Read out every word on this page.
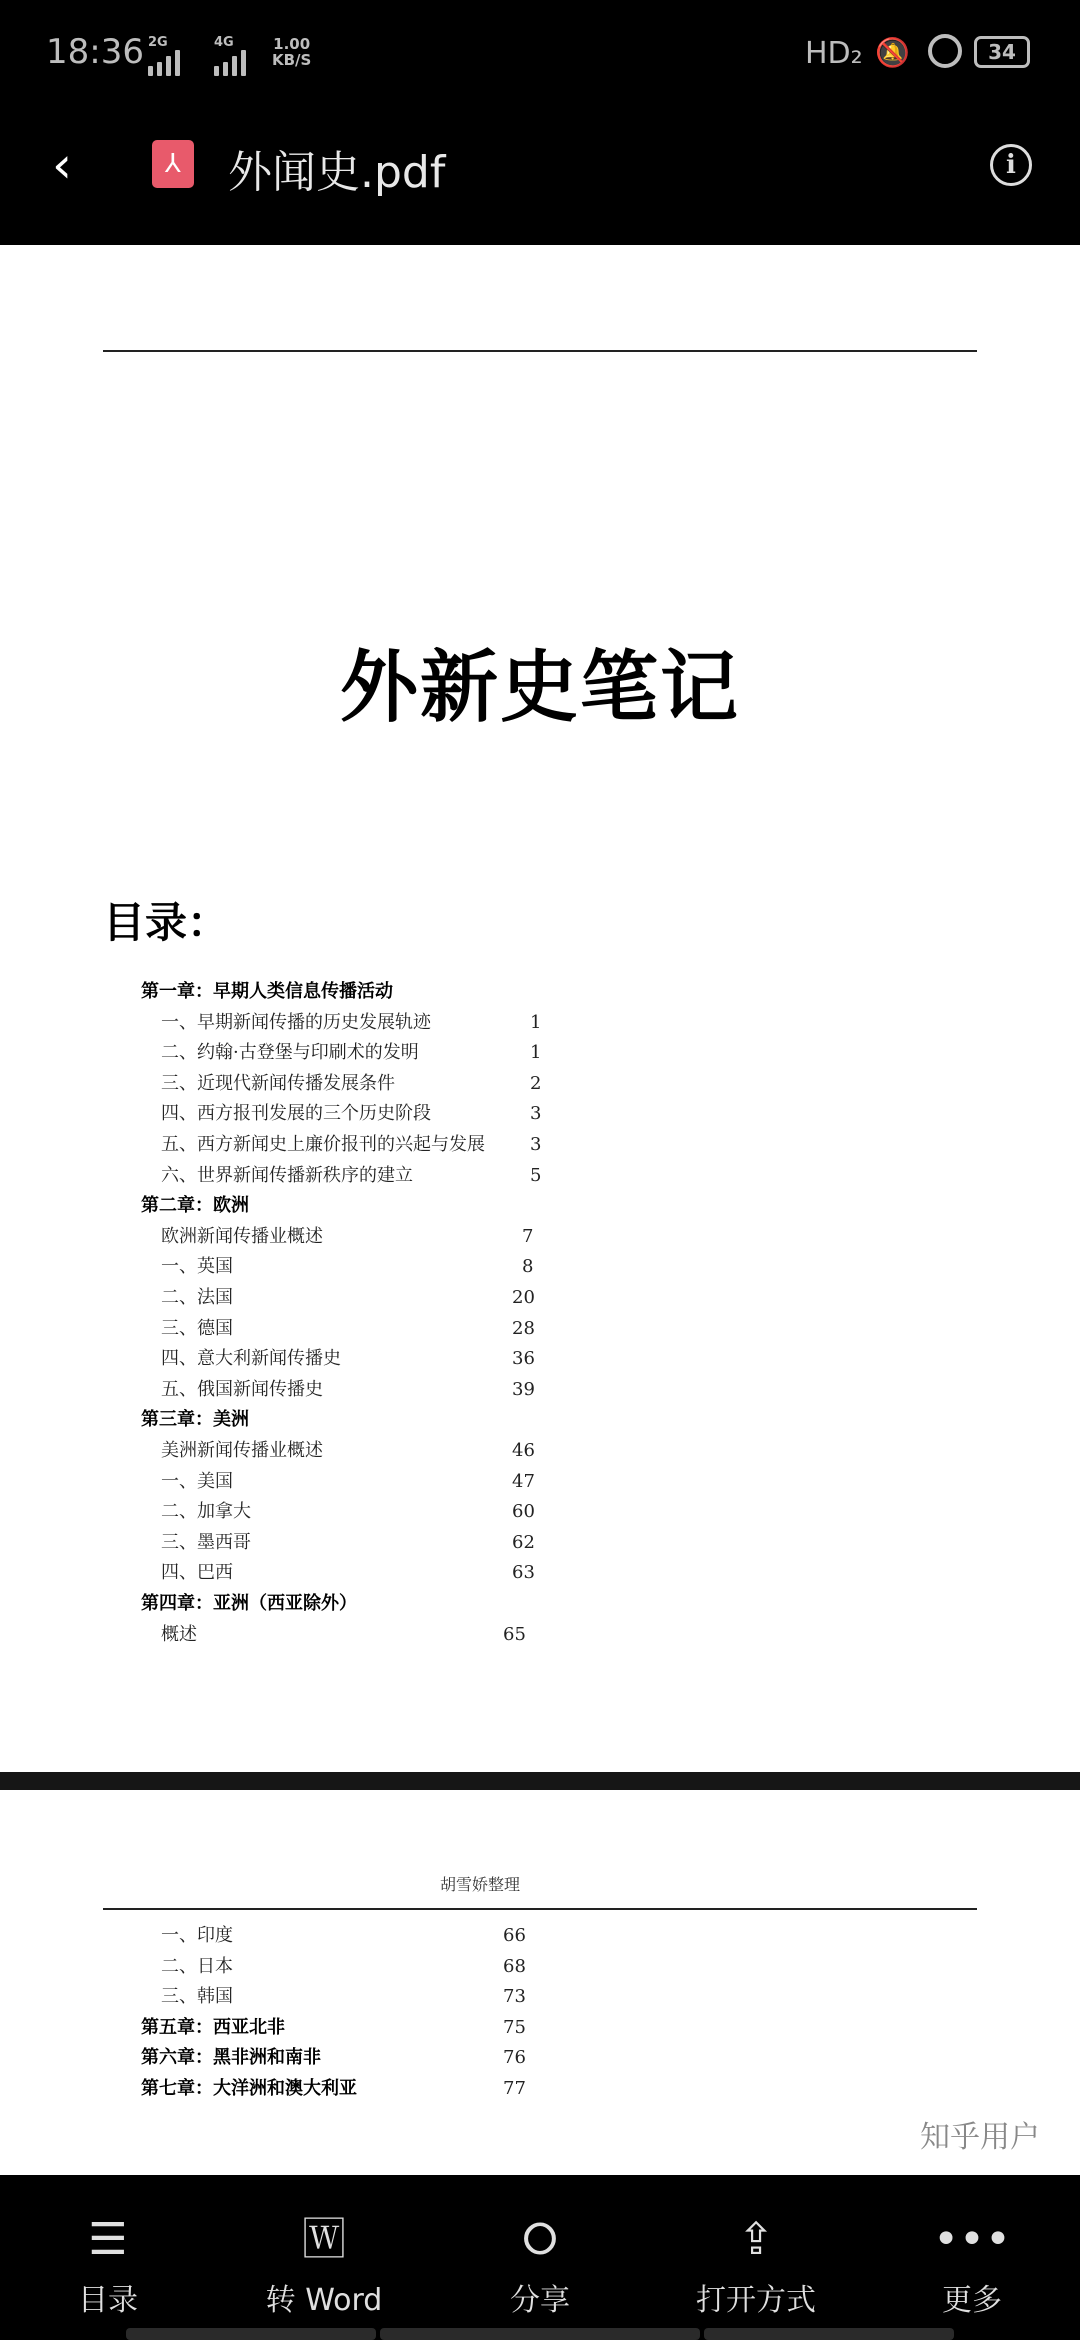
18:36 2G	4G	1.00
KB/S	HD₂ 🔕	34
‹	⅄ 外闻史.pdf	i
外新史笔记
目录：
第一章：早期人类信息传播活动
一、早期新闻传播的历史发展轨迹	1
二、约翰·古登堡与印刷术的发明	1
三、近现代新闻传播发展条件	2
四、西方报刊发展的三个历史阶段	3
五、西方新闻史上廉价报刊的兴起与发展	3
六、世界新闻传播新秩序的建立	5
第二章：欧洲
欧洲新闻传播业概述	7
一、英国	8
二、法国	20
三、德国	28
四、意大利新闻传播史	36
五、俄国新闻传播史	39
第三章：美洲
美洲新闻传播业概述	46
一、美国	47
二、加拿大	60
三、墨西哥	62
四、巴西	63
第四章：亚洲（西亚除外）
概述	65
胡雪娇整理
一、印度	66
二、日本	68
三、韩国	73
第五章：西亚北非	75
第六章：黑非洲和南非	76
第七章：大洋洲和澳大利亚	77
知乎用户
☰
目录
🅆
转 Word
⭘
分享
⇪
打开方式
•••
更多
